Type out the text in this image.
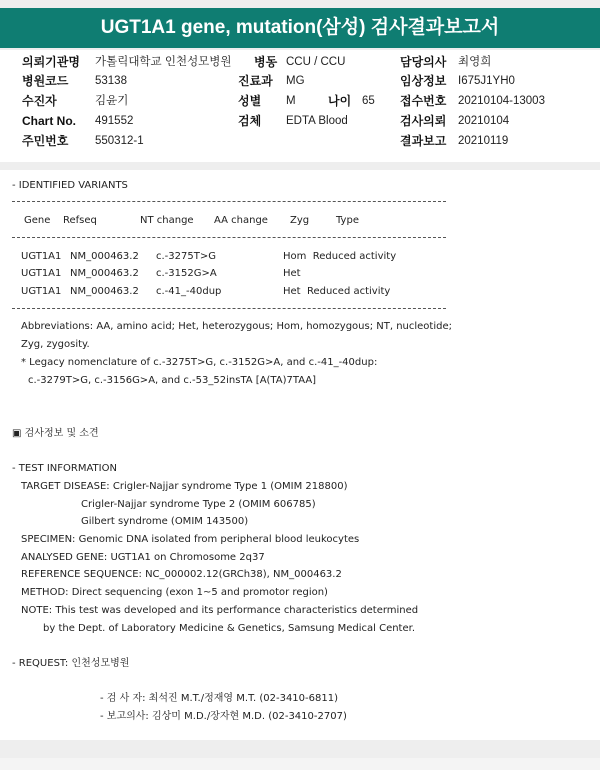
UGT1A1 gene, mutation(삼성) 검사결과보고서
의뢰기관명 가톨릭대학교 인천성모병원 병동 CCU / CCU	담당의사 최영희
병원코드 53138	진료과 MG	임상정보 I675J1YH0
수진자	김윤기	성별 M	나이 65 접수번호 20210104-13003
Chart No. 491552	검체 EDTA Blood	검사의뢰 20210104
주민번호 550312-1	결과보고 20210119
- IDENTIFIED VARIANTS
Gene Refseq	NT change AA change Zyg	Type
UGT1A1 NM_000463.2 c.-3275T>G	Hom  Reduced activity
UGT1A1 NM_000463.2 c.-3152G>A	Het
UGT1A1 NM_000463.2 c.-41_-40dup	Het  Reduced activity
Abbreviations: AA, amino acid; Het, heterozygous; Hom, homozygous; NT, nucleotide;
Zyg, zygosity.
* Legacy nomenclature of c.-3275T>G, c.-3152G>A, and c.-41_-40dup:
c.-3279T>G, c.-3156G>A, and c.-53_52insTA [A(TA)7TAA]
▣ 검사정보 및 소견
- TEST INFORMATION
TARGET DISEASE: Crigler-Najjar syndrome Type 1 (OMIM 218800)
Crigler-Najjar syndrome Type 2 (OMIM 606785)
Gilbert syndrome (OMIM 143500)
SPECIMEN: Genomic DNA isolated from peripheral blood leukocytes
ANALYSED GENE: UGT1A1 on Chromosome 2q37
REFERENCE SEQUENCE: NC_000002.12(GRCh38), NM_000463.2
METHOD: Direct sequencing (exon 1~5 and promotor region)
NOTE: This test was developed and its performance characteristics determined
by the Dept. of Laboratory Medicine & Genetics, Samsung Medical Center.
- REQUEST: 인천성모병원
- 검 사 자: 최석진 M.T./정재영 M.T. (02-3410-6811)
- 보고의사: 김상미 M.D./장자현 M.D. (02-3410-2707)
